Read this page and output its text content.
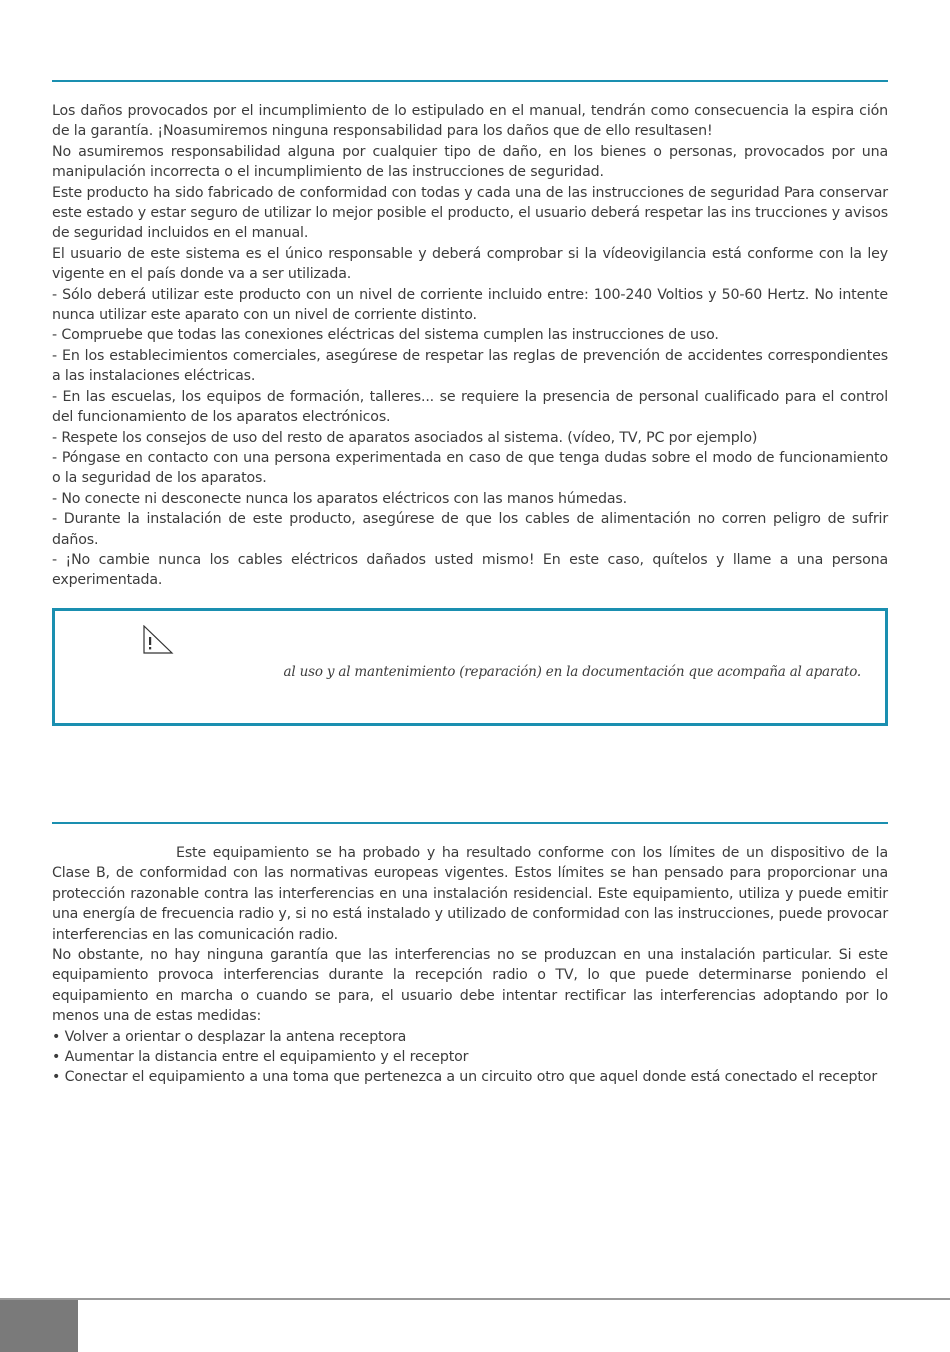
Los daños provocados por el incumplimiento de lo estipulado en el manual, tendrán como consecuencia la espira ción de la garantía. ¡Noasumiremos ninguna responsabilidad para los daños que de ello resultasen!

No asumiremos responsabilidad alguna por cualquier tipo de daño, en los bienes o personas, provocados por una manipulación incorrecta o el incumplimiento de las instrucciones de seguridad.

Este producto ha sido fabricado de conformidad con todas y cada una de las instrucciones de seguridad Para conservar este estado y estar seguro de utilizar lo mejor posible el producto, el usuario deberá respetar las ins trucciones y avisos de seguridad incluidos en el manual.

El usuario de este sistema es el único responsable y deberá comprobar si la vídeovigilancia está conforme con la ley vigente en el país donde va a ser utilizada.

- Sólo deberá utilizar este producto con un nivel de corriente incluido entre: 100-240 Voltios y 50-60 Hertz. No intente nunca utilizar este aparato con un nivel de corriente distinto.

- Compruebe que todas las conexiones eléctricas del sistema cumplen las instrucciones de uso.

- En los establecimientos comerciales, asegúrese de respetar las reglas de prevención de accidentes correspondientes a las instalaciones eléctricas.

- En las escuelas, los equipos de formación, talleres... se requiere la presencia de personal cualificado para el control del funcionamiento de los aparatos electrónicos.

- Respete los consejos de uso del resto de aparatos asociados al sistema. (vídeo, TV, PC por ejemplo)

- Póngase en contacto con una persona experimentada en caso de que tenga dudas sobre el modo de funcionamiento o la seguridad de los aparatos.

- No conecte ni desconecte nunca los aparatos eléctricos con las manos húmedas.

- Durante la instalación de este producto, asegúrese de que los cables de alimentación no corren peligro de sufrir daños.

- ¡No cambie nunca los cables eléctricos dañados usted mismo! En este caso, quítelos y llame a una persona experimentada.

al uso y al mantenimiento (reparación) en la documentación que acompaña al aparato.

Este equipamiento se ha probado y ha resultado conforme con los límites de un dispositivo de la Clase B, de conformidad con las normativas europeas vigentes. Estos límites se han pensado para proporcionar una protección razonable contra las interferencias en una instalación residencial. Este equipamiento, utiliza y puede emitir una energía de frecuencia radio y, si no está instalado y utilizado de conformidad con las instrucciones, puede provocar interferencias en las comunicación radio.

No obstante, no hay ninguna garantía que las interferencias no se produzcan en una instalación particular. Si este equipamiento provoca interferencias durante la recepción radio o TV, lo que puede determinarse poniendo el equipamiento en marcha o cuando se para, el usuario debe intentar rectificar las interferencias adoptando por lo menos una de estas medidas:

• Volver a orientar o desplazar la antena receptora

• Aumentar la distancia entre el equipamiento y el receptor

• Conectar el equipamiento a una toma que pertenezca a un circuito otro que aquel donde está conectado el receptor
